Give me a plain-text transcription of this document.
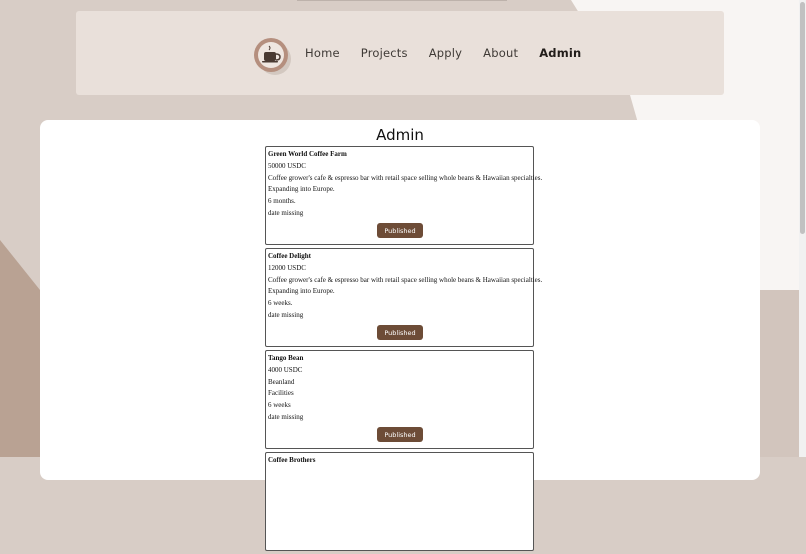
Home Projects Apply About Admin
Admin
Green World Coffee Farm
50000 USDC
Coffee grower's cafe & espresso bar with retail space selling whole beans & Hawaiian specialties.
Expanding into Europe.
6 months.
date missing
Published
Coffee Delight
12000 USDC
Coffee grower's cafe & espresso bar with retail space selling whole beans & Hawaiian specialties.
Expanding into Europe.
6 weeks.
date missing
Published
Tango Bean
4000 USDC
Beanland
Facilities
6 weeks
date missing
Published
Coffee Brothers
